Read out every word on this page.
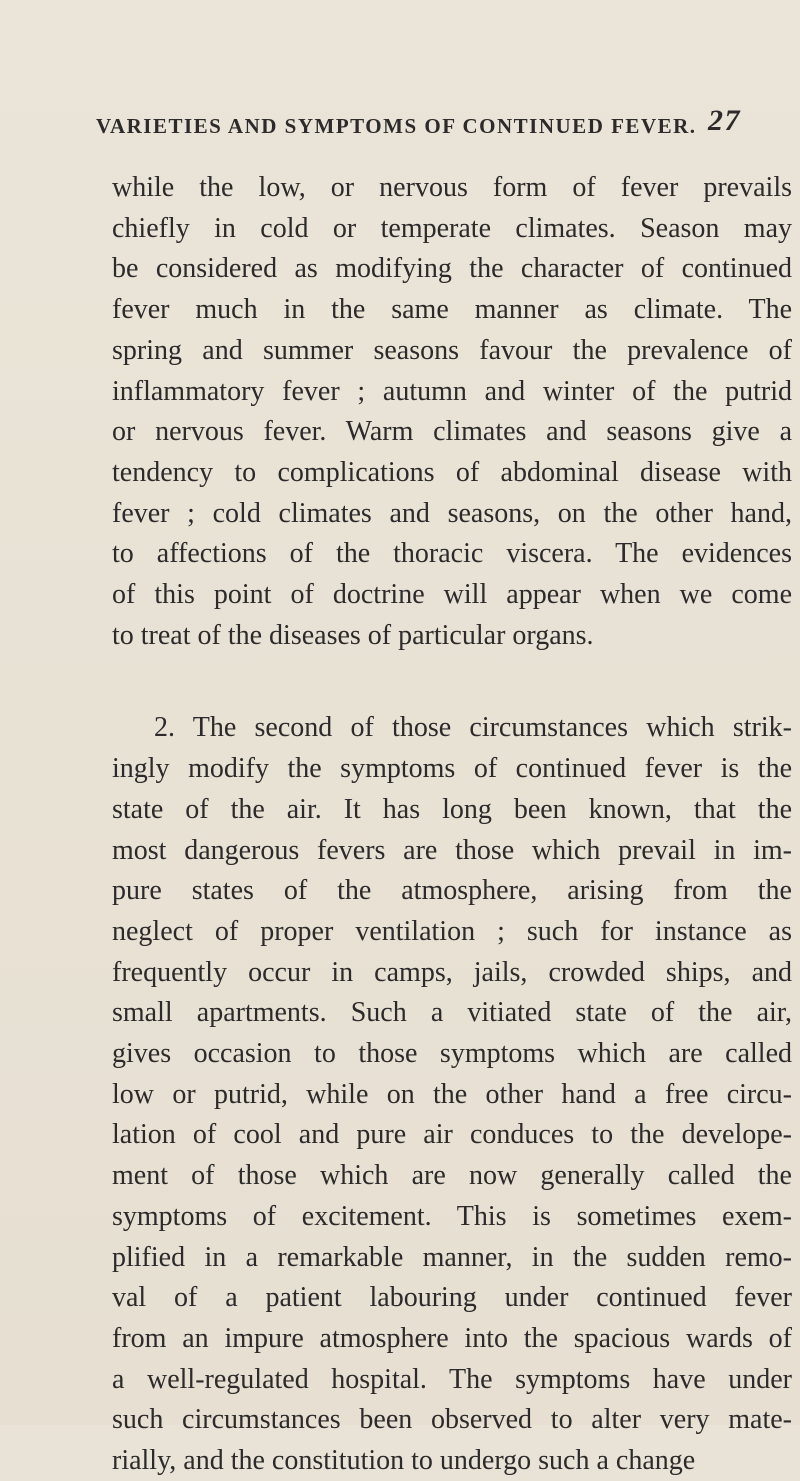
VARIETIES AND SYMPTOMS OF CONTINUED FEVER. 27
while the low, or nervous form of fever prevails
chiefly in cold or temperate climates. Season may
be considered as modifying the character of continued
fever much in the same manner as climate. The
spring and summer seasons favour the prevalence of
inflammatory fever ; autumn and winter of the putrid
or nervous fever. Warm climates and seasons give a
tendency to complications of abdominal disease with
fever ; cold climates and seasons, on the other hand,
to affections of the thoracic viscera. The evidences
of this point of doctrine will appear when we come
to treat of the diseases of particular organs.
2. The second of those circumstances which strik-
ingly modify the symptoms of continued fever is the
state of the air. It has long been known, that the
most dangerous fevers are those which prevail in im-
pure states of the atmosphere, arising from the
neglect of proper ventilation ; such for instance as
frequently occur in camps, jails, crowded ships, and
small apartments. Such a vitiated state of the air,
gives occasion to those symptoms which are called
low or putrid, while on the other hand a free circu-
lation of cool and pure air conduces to the develope-
ment of those which are now generally called the
symptoms of excitement. This is sometimes exem-
plified in a remarkable manner, in the sudden remo-
val of a patient labouring under continued fever
from an impure atmosphere into the spacious wards of
a well-regulated hospital. The symptoms have under
such circumstances been observed to alter very mate-
rially, and the constitution to undergo such a change
